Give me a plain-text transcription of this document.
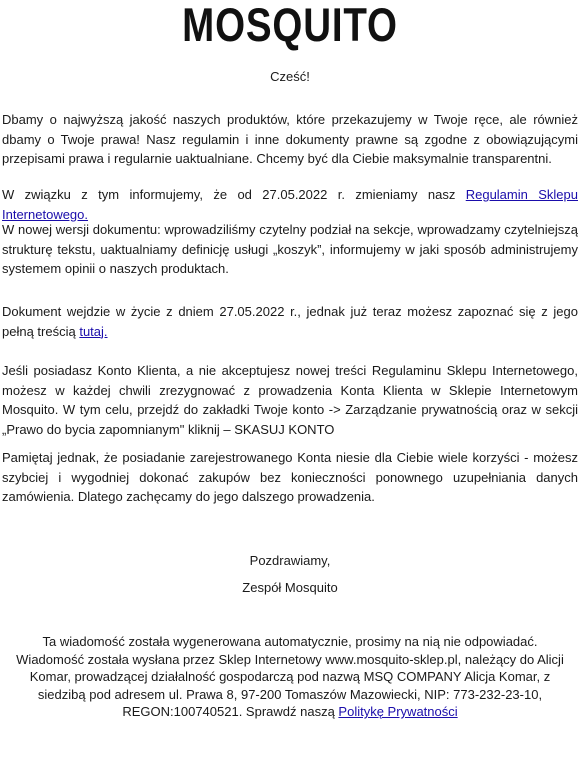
MOSQUITO
Cześć!

Dbamy o najwyższą jakość naszych produktów, które przekazujemy w Twoje ręce, ale również dbamy o Twoje prawa! Nasz regulamin i inne dokumenty prawne są zgodne z obowiązującymi przepisami prawa i regularnie uaktualniane. Chcemy być dla Ciebie maksymalnie transparentni.

W związku z tym informujemy, że od 27.05.2022 r. zmieniamy nasz Regulamin Sklepu Internetowego.

W nowej wersji dokumentu: wprowadziliśmy czytelny podział na sekcje, wprowadzamy czytelniejszą strukturę tekstu, uaktualniamy definicję usługi „koszyk”, informujemy w jaki sposób administrujemy systemem opinii o naszych produktach.

Dokument wejdzie w życie z dniem 27.05.2022 r., jednak już teraz możesz zapoznać się z jego pełną treścią tutaj.

Jeśli posiadasz Konto Klienta, a nie akceptujesz nowej treści Regulaminu Sklepu Internetowego, możesz w każdej chwili zrezygnować z prowadzenia Konta Klienta w Sklepie Internetowym Mosquito. W tym celu, przejdź do zakładki Twoje konto -> Zarządzanie prywatnością oraz w sekcji „Prawo do bycia zapomnianym" kliknij – SKASUJ KONTO

Pamiętaj jednak, że posiadanie zarejestrowanego Konta niesie dla Ciebie wiele korzyści - możesz szybciej i wygodniej dokonać zakupów bez konieczności ponownego uzupełniania danych zamówienia. Dlatego zachęcamy do jego dalszego prowadzenia.

Pozdrawiamy,
Zespół Mosquito
Ta wiadomość została wygenerowana automatycznie, prosimy na nią nie odpowiadać. Wiadomość została wysłana przez Sklep Internetowy www.mosquito-sklep.pl, należący do Alicji Komar, prowadzącej działalność gospodarczą pod nazwą MSQ COMPANY Alicja Komar, z siedzibą pod adresem ul. Prawa 8, 97-200 Tomaszów Mazowiecki, NIP: 773-232-23-10, REGON:100740521. Sprawdź naszą Politykę Prywatności
